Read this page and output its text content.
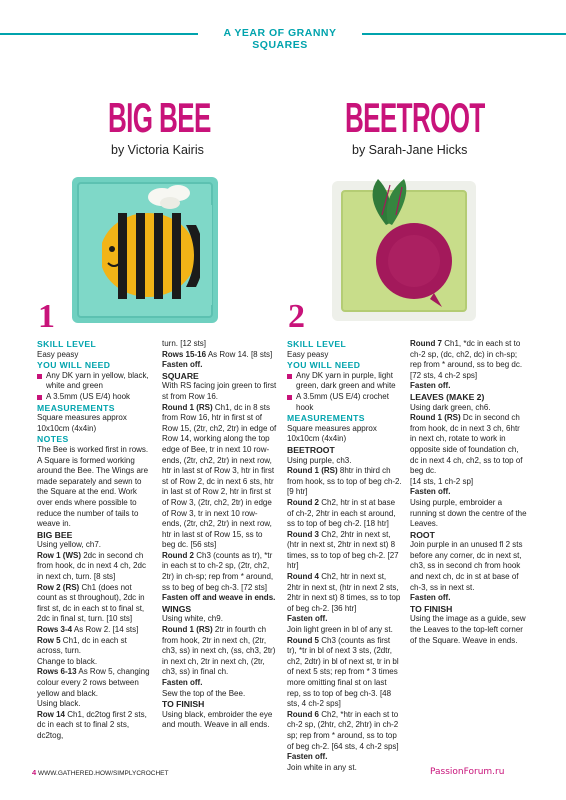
A YEAR OF GRANNY SQUARES
BIG BEE
by Victoria Kairis
BEETROOT
by Sarah-Jane Hicks
1	2

SKILL LEVEL

Easy peasy

YOU WILL NEED

Any DK yarn in yellow, black, white and green

A 3.5mm (US E/4) hook

MEASUREMENTS

Square measures approx 10x10cm (4x4in)

NOTES

The Bee is worked first in rows. A Square is formed working around the Bee. The Wings are made separately and sewn to the Square at the end. Work over ends where possible to reduce the number of tails to weave in.

BIG BEE

Using yellow, ch7.

Row 1 (WS) 2dc in second ch from hook, dc in next 4 ch, 2dc in next ch, turn. [8 sts]

Row 2 (RS) Ch1 (does not count as st throughout), 2dc in first st, dc in each st to final st, 2dc in final st, turn. [10 sts]

Rows 3-4 As Row 2. [14 sts]

Row 5 Ch1, dc in each st across, turn.

Change to black.

Rows 6-13 As Row 5, changing colour every 2 rows between yellow and black.

Using black.

Row 14 Ch1, dc2tog first 2 sts, dc in each st to final 2 sts, dc2tog,

turn. [12 sts]

Rows 15-16 As Row 14. [8 sts]

Fasten off.

SQUARE

With RS facing join green to first st from Row 16.

Round 1 (RS) Ch1, dc in 8 sts from Row 16, htr in first st of Row 15, (2tr, ch2, 2tr) in edge of Row 14, working along the top edge of Bee, tr in next 10 row-ends, (2tr, ch2, 2tr) in next row, htr in last st of Row 3, htr in first st of Row 2, dc in next 6 sts, htr in last st of Row 2, htr in first st of Row 3, (2tr, ch2, 2tr) in edge of Row 3, tr in next 10 row-ends, (2tr, ch2, 2tr) in next row, htr in last st of Row 15, ss to beg dc. [56 sts]

Round 2 Ch3 (counts as tr), *tr in each st to ch-2 sp, (2tr, ch2, 2tr) in ch-sp; rep from * around, ss to beg of beg ch-3. [72 sts]

Fasten off and weave in ends.

WINGS

Using white, ch9.

Round 1 (RS) 2tr in fourth ch from hook, 2tr in next ch, (2tr, ch3, ss) in next ch, (ss, ch3, 2tr) in next ch, 2tr in next ch, (2tr, ch3, ss) in final ch.

Fasten off.

Sew the top of the Bee.

TO FINISH

Using black, embroider the eye and mouth. Weave in all ends.

SKILL LEVEL

Easy peasy

YOU WILL NEED

Any DK yarn in purple, light green, dark green and white

A 3.5mm (US E/4) crochet hook

MEASUREMENTS

Square measures approx 10x10cm (4x4in)

BEETROOT

Using purple, ch3.

Round 1 (RS) 8htr in third ch from hook, ss to top of beg ch-2. [9 htr]

Round 2 Ch2, htr in st at base of ch-2, 2htr in each st around, ss to top of beg ch-2. [18 htr]

Round 3 Ch2, 2htr in next st, (htr in next st, 2htr in next st) 8 times, ss to top of beg ch-2. [27 htr]

Round 4 Ch2, htr in next st, 2htr in next st, (htr in next 2 sts, 2htr in next st) 8 times, ss to top of beg ch-2. [36 htr]

Fasten off.

Join light green in bl of any st.

Round 5 Ch3 (counts as first tr), *tr in bl of next 3 sts, (2dtr, ch2, 2dtr) in bl of next st, tr in bl of next 5 sts; rep from * 3 times more omitting final st on last rep, ss to top of beg ch-3. [48 sts, 4 ch-2 sps]

Round 6 Ch2, *htr in each st to ch-2 sp, (2htr, ch2, 2htr) in ch-2 sp; rep from * around, ss to top of beg ch-2. [64 sts, 4 ch-2 sps]

Fasten off.

Join white in any st.

Round 7 Ch1, *dc in each st to ch-2 sp, (dc, ch2, dc) in ch-sp; rep from * around, ss to beg dc.

[72 sts, 4 ch-2 sps]

Fasten off.

LEAVES (MAKE 2)

Using dark green, ch6.

Round 1 (RS) Dc in second ch from hook, dc in next 3 ch, 6htr in next ch, rotate to work in opposite side of foundation ch, dc in next 4 ch, ch2, ss to top of beg dc.

[14 sts, 1 ch-2 sp]

Fasten off.

Using purple, embroider a running st down the centre of the Leaves.

ROOT

Join purple in an unused fl 2 sts before any corner, dc in next st, ch3, ss in second ch from hook and next ch, dc in st at base of ch-3, ss in next st.

Fasten off.

TO FINISH

Using the image as a guide, sew the Leaves to the top-left corner of the Square. Weave in ends.

4 WWW.GATHERED.HOW/SIMPLYCROCHET	PassionForum.ru
